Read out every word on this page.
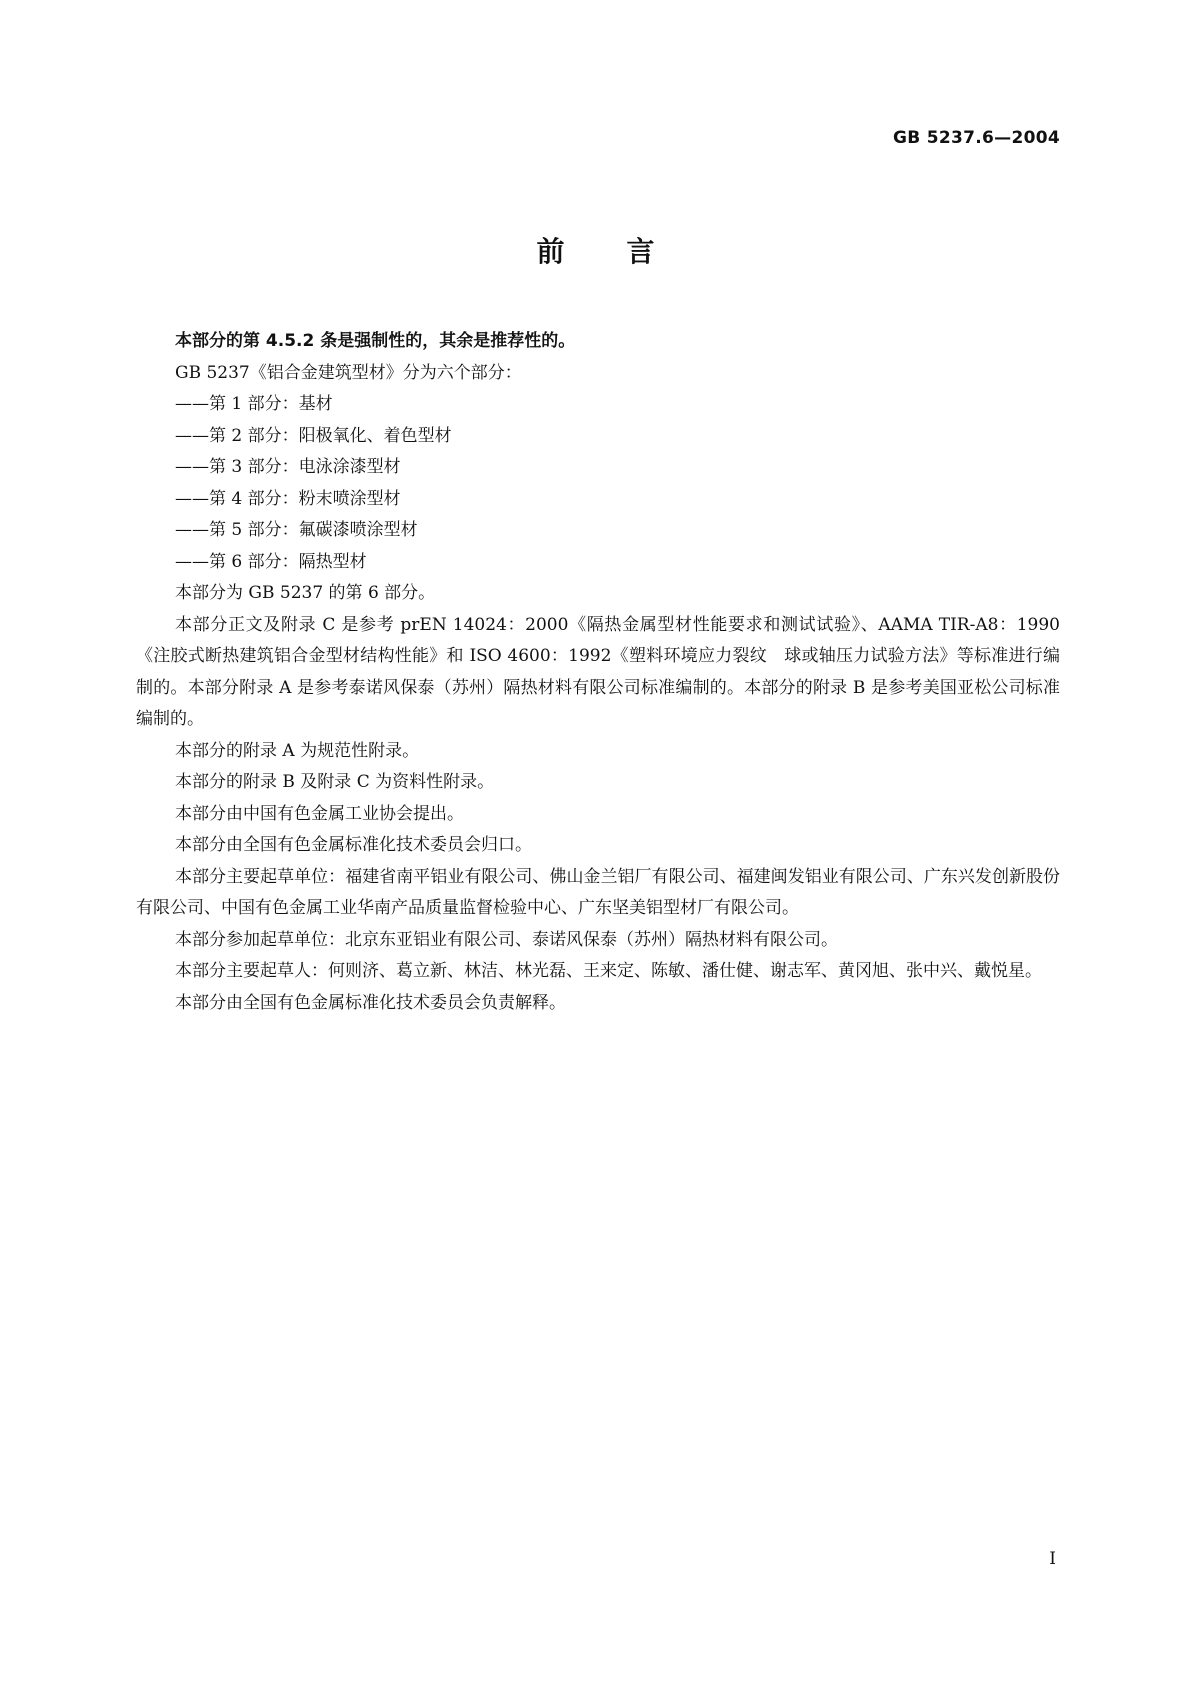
GB 5237.6—2004
前 言

本部分的第 4.5.2 条是强制性的，其余是推荐性的。

GB 5237《铝合金建筑型材》分为六个部分：

——第 1 部分：基材

——第 2 部分：阳极氧化、着色型材

——第 3 部分：电泳涂漆型材

——第 4 部分：粉末喷涂型材

——第 5 部分：氟碳漆喷涂型材

——第 6 部分：隔热型材

本部分为 GB 5237 的第 6 部分。

本部分正文及附录 C 是参考 prEN 14024：2000《隔热金属型材性能要求和测试试验》、AAMA TIR-A8：1990《注胶式断热建筑铝合金型材结构性能》和 ISO 4600：1992《塑料环境应力裂纹　球或轴压力试验方法》等标准进行编制的。本部分附录 A 是参考泰诺风保泰（苏州）隔热材料有限公司标准编制的。本部分的附录 B 是参考美国亚松公司标准编制的。

本部分的附录 A 为规范性附录。

本部分的附录 B 及附录 C 为资料性附录。

本部分由中国有色金属工业协会提出。

本部分由全国有色金属标准化技术委员会归口。

本部分主要起草单位：福建省南平铝业有限公司、佛山金兰铝厂有限公司、福建闽发铝业有限公司、广东兴发创新股份有限公司、中国有色金属工业华南产品质量监督检验中心、广东坚美铝型材厂有限公司。

本部分参加起草单位：北京东亚铝业有限公司、泰诺风保泰（苏州）隔热材料有限公司。

本部分主要起草人：何则济、葛立新、林洁、林光磊、王来定、陈敏、潘仕健、谢志军、黄冈旭、张中兴、戴悦星。

本部分由全国有色金属标准化技术委员会负责解释。

I
